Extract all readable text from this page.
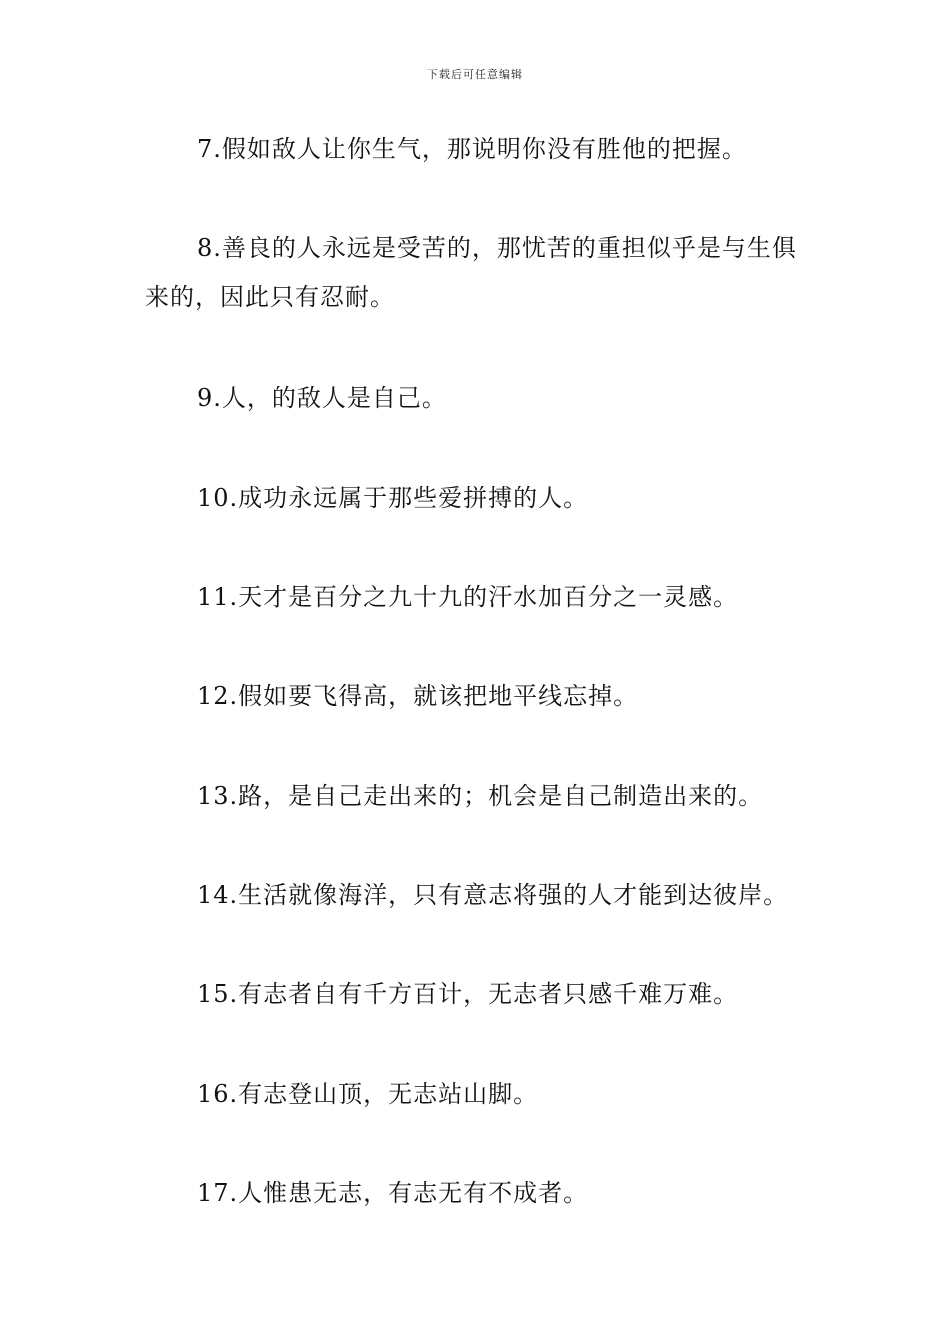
下载后可任意编辑

7.假如敌人让你生气，那说明你没有胜他的把握。

8.善良的人永远是受苦的，那忧苦的重担似乎是与生俱来的，因此只有忍耐。

9.人，的敌人是自己。

10.成功永远属于那些爱拼搏的人。

11.天才是百分之九十九的汗水加百分之一灵感。

12.假如要飞得高，就该把地平线忘掉。

13.路，是自己走出来的；机会是自己制造出来的。

14.生活就像海洋，只有意志将强的人才能到达彼岸。

15.有志者自有千方百计，无志者只感千难万难。

16.有志登山顶，无志站山脚。

17.人惟患无志，有志无有不成者。
